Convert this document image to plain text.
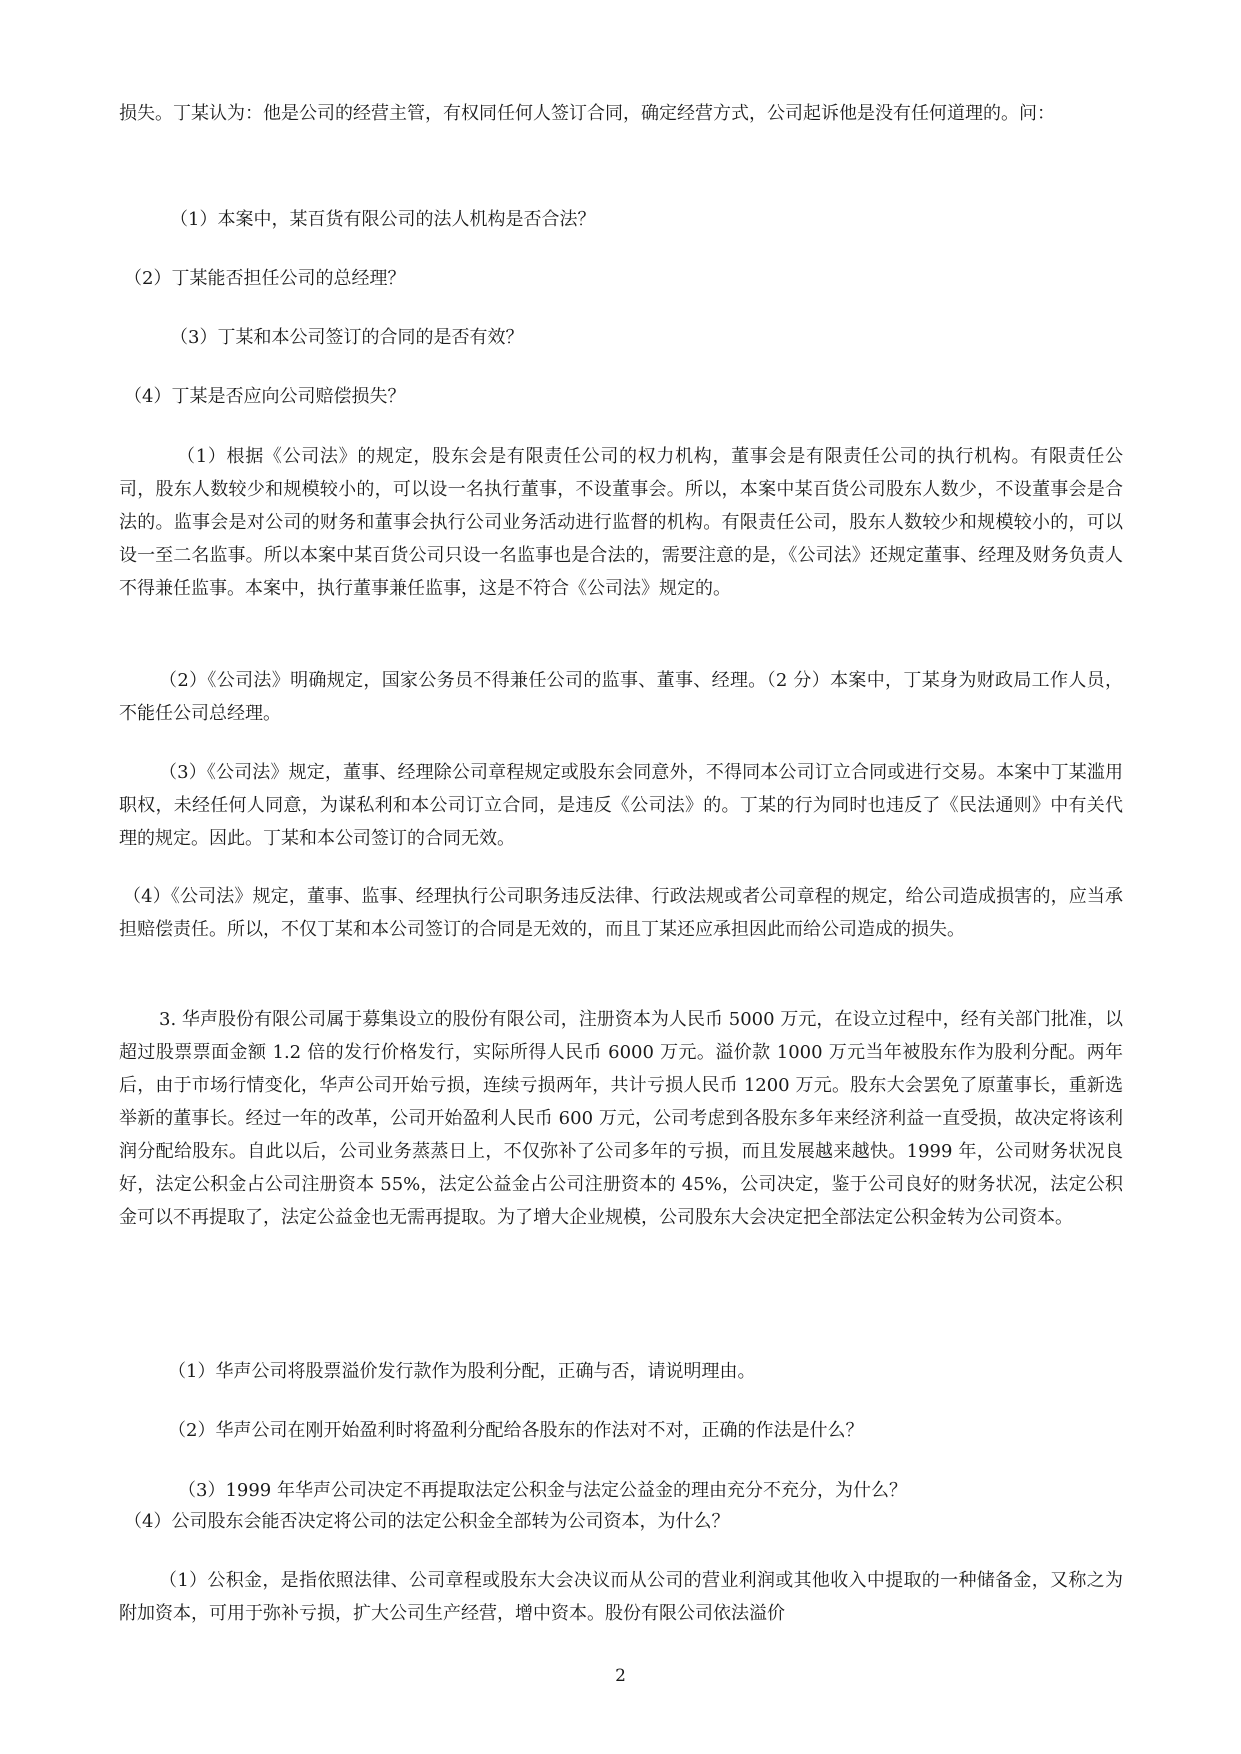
损失。丁某认为：他是公司的经营主管，有权同任何人签订合同，确定经营方式，公司起诉他是没有任何道理的。问：

（1）本案中，某百货有限公司的法人机构是否合法？

（2）丁某能否担任公司的总经理？

（3）丁某和本公司签订的合同的是否有效？

（4）丁某是否应向公司赔偿损失？

（1）根据《公司法》的规定，股东会是有限责任公司的权力机构，董事会是有限责任公司的执行机构。有限责任公司，股东人数较少和规模较小的，可以设一名执行董事，不设董事会。所以，本案中某百货公司股东人数少，不设董事会是合法的。监事会是对公司的财务和董事会执行公司业务活动进行监督的机构。有限责任公司，股东人数较少和规模较小的，可以设一至二名监事。所以本案中某百货公司只设一名监事也是合法的，需要注意的是，《公司法》还规定董事、经理及财务负责人不得兼任监事。本案中，执行董事兼任监事，这是不符合《公司法》规定的。

（2）《公司法》明确规定，国家公务员不得兼任公司的监事、董事、经理。（2 分）本案中，丁某身为财政局工作人员，不能任公司总经理。

（3）《公司法》规定，董事、经理除公司章程规定或股东会同意外，不得同本公司订立合同或进行交易。本案中丁某滥用职权，未经任何人同意，为谋私利和本公司订立合同，是违反《公司法》的。丁某的行为同时也违反了《民法通则》中有关代理的规定。因此。丁某和本公司签订的合同无效。

（4）《公司法》规定，董事、监事、经理执行公司职务违反法律、行政法规或者公司章程的规定，给公司造成损害的，应当承担赔偿责任。所以，不仅丁某和本公司签订的合同是无效的，而且丁某还应承担因此而给公司造成的损失。

3. 华声股份有限公司属于募集设立的股份有限公司，注册资本为人民币 5000 万元，在设立过程中，经有关部门批准，以超过股票票面金额 1.2 倍的发行价格发行，实际所得人民币 6000 万元。溢价款 1000 万元当年被股东作为股利分配。两年后，由于市场行情变化，华声公司开始亏损，连续亏损两年，共计亏损人民币 1200 万元。股东大会罢免了原董事长，重新选举新的董事长。经过一年的改革，公司开始盈利人民币 600 万元，公司考虑到各股东多年来经济利益一直受损，故决定将该利润分配给股东。自此以后，公司业务蒸蒸日上，不仅弥补了公司多年的亏损，而且发展越来越快。1999 年，公司财务状况良好，法定公积金占公司注册资本 55%，法定公益金占公司注册资本的 45%，公司决定，鉴于公司良好的财务状况，法定公积金可以不再提取了，法定公益金也无需再提取。为了增大企业规模，公司股东大会决定把全部法定公积金转为公司资本。

（1）华声公司将股票溢价发行款作为股利分配，正确与否，请说明理由。

（2）华声公司在刚开始盈利时将盈利分配给各股东的作法对不对，正确的作法是什么？

（3）1999 年华声公司决定不再提取法定公积金与法定公益金的理由充分不充分，为什么？

（4）公司股东会能否决定将公司的法定公积金全部转为公司资本，为什么？

（1）公积金，是指依照法律、公司章程或股东大会决议而从公司的营业利润或其他收入中提取的一种储备金，又称之为附加资本，可用于弥补亏损，扩大公司生产经营，增中资本。股份有限公司依法溢价

2
